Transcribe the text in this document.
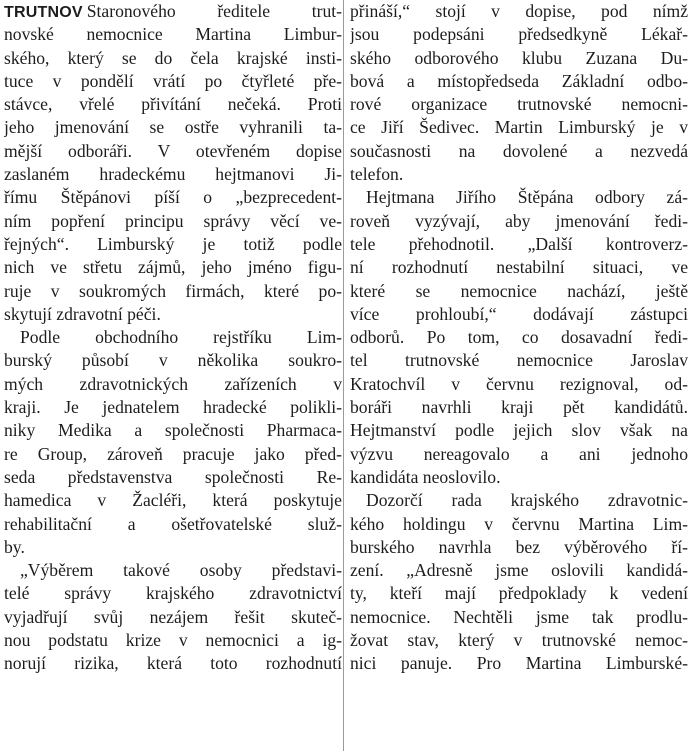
TRUTNOV Staronového ředitele trut-
novské nemocnice Martina Limbur-
ského, který se do čela krajské insti-
tuce v pondělí vrátí po čtyřleté pře-
stávce, vřelé přivítání nečeká. Proti
jeho jmenování se ostře vyhranili ta-
mější odboráři. V otevřeném dopise
zaslaném hradeckému hejtmanovi Ji-
římu Štěpánovi píší o „bezprecedent-
ním popření principu správy věcí ve-
řejných“. Limburský je totiž podle
nich ve střetu zájmů, jeho jméno figu-
ruje v soukromých firmách, které po-
skytují zdravotní péči.
Podle obchodního rejstříku Lim-
burský působí v několika soukro-
mých zdravotnických zařízeních v
kraji. Je jednatelem hradecké polikli-
niky Medika a společnosti Pharmaca-
re Group, zároveň pracuje jako před-
seda představenstva společnosti Re-
hamedica v Žacléři, která poskytuje
rehabilitační a ošetřovatelské služ-
by.
„Výběrem takové osoby představi-
telé správy krajského zdravotnictví
vyjadřují svůj nezájem řešit skuteč-
nou podstatu krize v nemocnici a ig-
norují rizika, která toto rozhodnutí
přináší,“ stojí v dopise, pod nímž
jsou podepsáni předsedkyně Lékař-
ského odborového klubu Zuzana Du-
bová a místopředseda Základní odbo-
rové organizace trutnovské nemocni-
ce Jiří Šedivec. Martin Limburský je v
současnosti na dovolené a nezvedá
telefon.
Hejtmana Jiřího Štěpána odbory zá-
roveň vyzývají, aby jmenování ředi-
tele přehodnotil. „Další kontroverz-
ní rozhodnutí nestabilní situaci, ve
které se nemocnice nachází, ještě
více prohloubí,“ dodávají zástupci
odborů. Po tom, co dosavadní ředi-
tel trutnovské nemocnice Jaroslav
Kratochvíl v červnu rezignoval, od-
boráři navrhli kraji pět kandidátů.
Hejtmanství podle jejich slov však na
výzvu nereagovalo a ani jednoho
kandidáta neoslovilo.
Dozorčí rada krajského zdravotnic-
kého holdingu v červnu Martina Lim-
burského navrhla bez výběrového ří-
zení. „Adresně jsme oslovili kandidá-
ty, kteří mají předpoklady k vedení
nemocnice. Nechtěli jsme tak prodlu-
žovat stav, který v trutnovské nemoc-
nici panuje. Pro Martina Limburské-
